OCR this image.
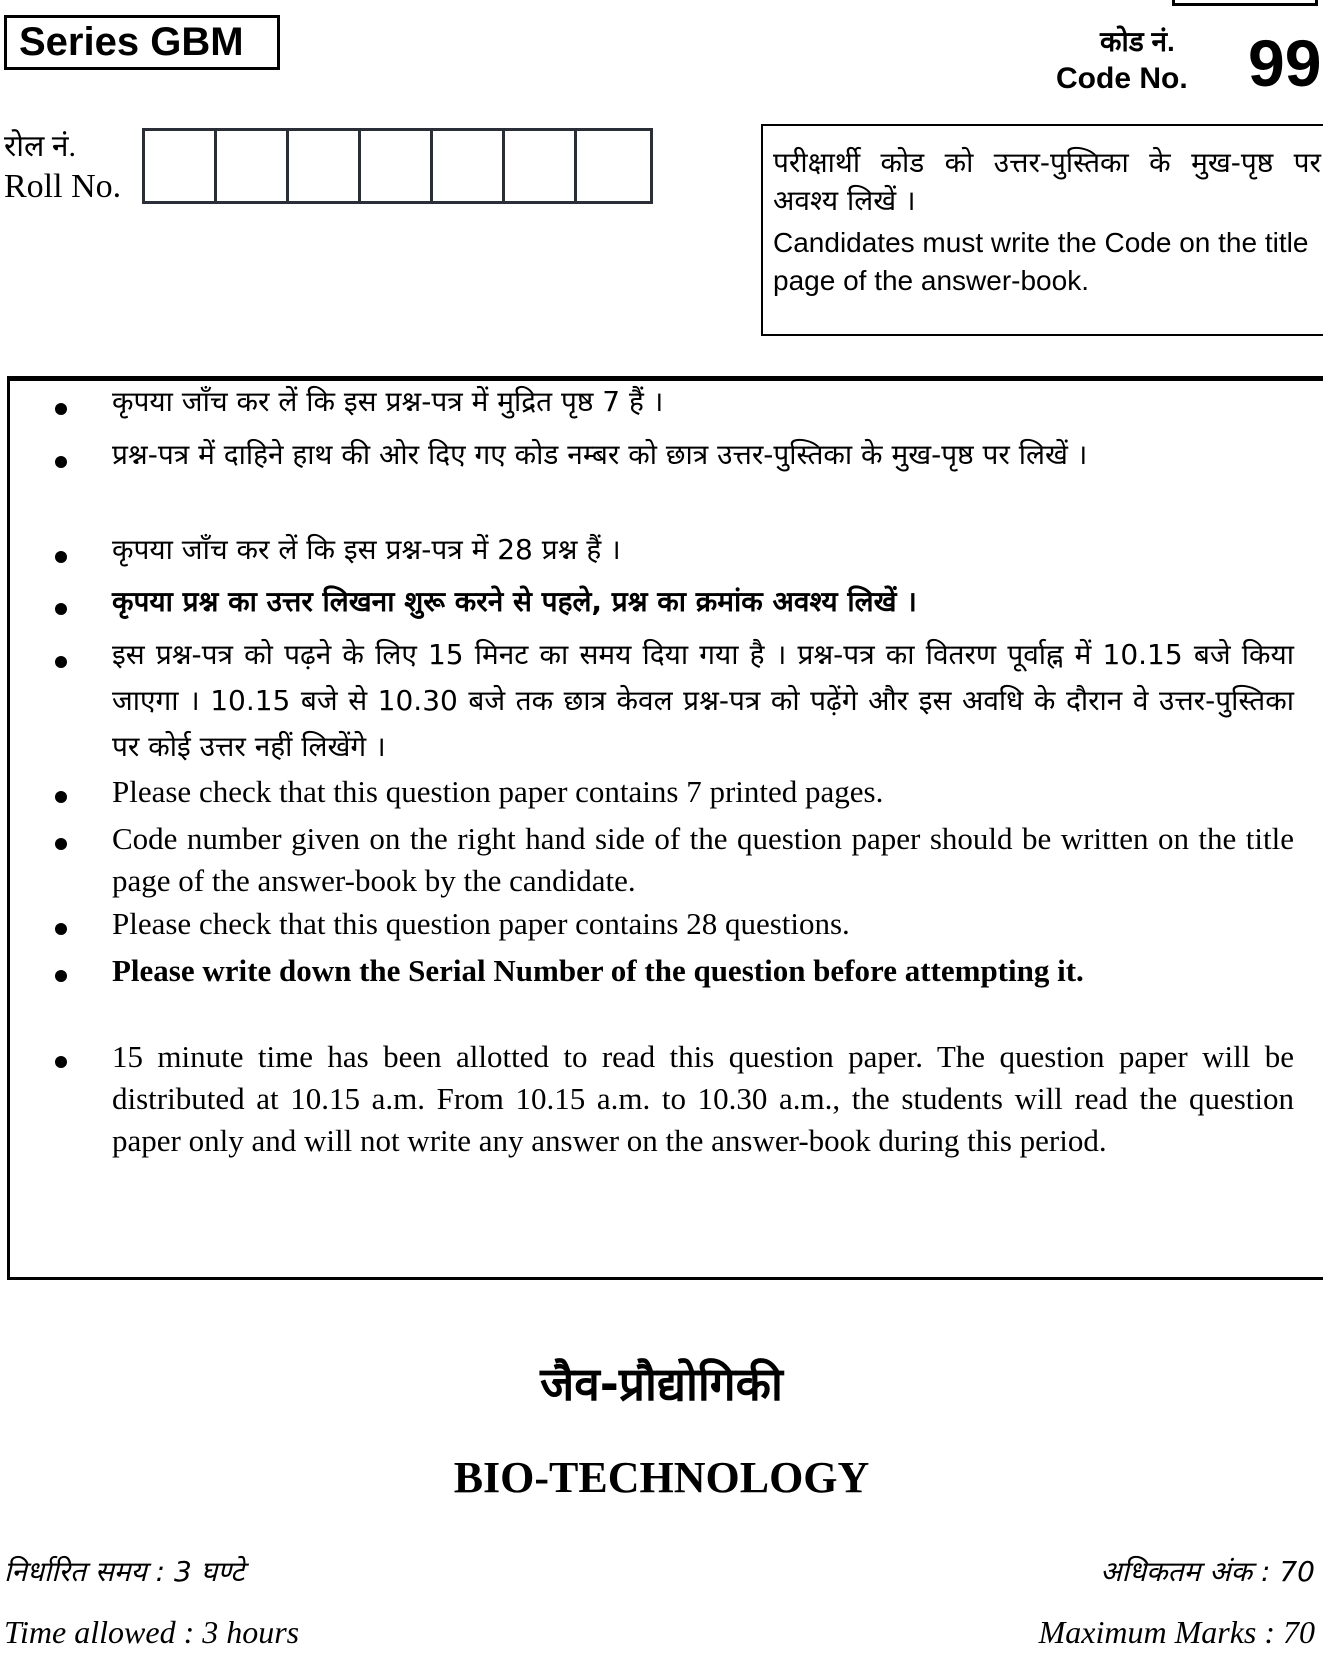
Series GBM	कोड नं.
Code No. 99
रोल नं.
Roll No.
परीक्षार्थी कोड को उत्तर-पुस्तिका के मुख-पृष्ठ पर अवश्य लिखें ।
Candidates must write the Code on the title page of the answer-book.
कृपया जाँच कर लें कि इस प्रश्न-पत्र में मुद्रित पृष्ठ 7 हैं ।
प्रश्न-पत्र में दाहिने हाथ की ओर दिए गए कोड नम्बर को छात्र उत्तर-पुस्तिका के मुख-पृष्ठ पर लिखें ।
कृपया जाँच कर लें कि इस प्रश्न-पत्र में 28 प्रश्न हैं ।
कृपया प्रश्न का उत्तर लिखना शुरू करने से पहले, प्रश्न का क्रमांक अवश्य लिखें ।
इस प्रश्न-पत्र को पढ़ने के लिए 15 मिनट का समय दिया गया है । प्रश्न-पत्र का वितरण पूर्वाह्न में 10.15 बजे किया जाएगा । 10.15 बजे से 10.30 बजे तक छात्र केवल प्रश्न-पत्र को पढ़ेंगे और इस अवधि के दौरान वे उत्तर-पुस्तिका पर कोई उत्तर नहीं लिखेंगे ।
Please check that this question paper contains 7 printed pages.
Code number given on the right hand side of the question paper should be written on the title page of the answer-book by the candidate.
Please check that this question paper contains 28 questions.
Please write down the Serial Number of the question before attempting it.
15 minute time has been allotted to read this question paper. The question paper will be distributed at 10.15 a.m. From 10.15 a.m. to 10.30 a.m., the students will read the question paper only and will not write any answer on the answer-book during this period.
जैव-प्रौद्योगिकी
BIO-TECHNOLOGY
निर्धारित समय : 3 घण्टे
Time allowed : 3 hours
अधिकतम अंक : 70
Maximum Marks : 70
